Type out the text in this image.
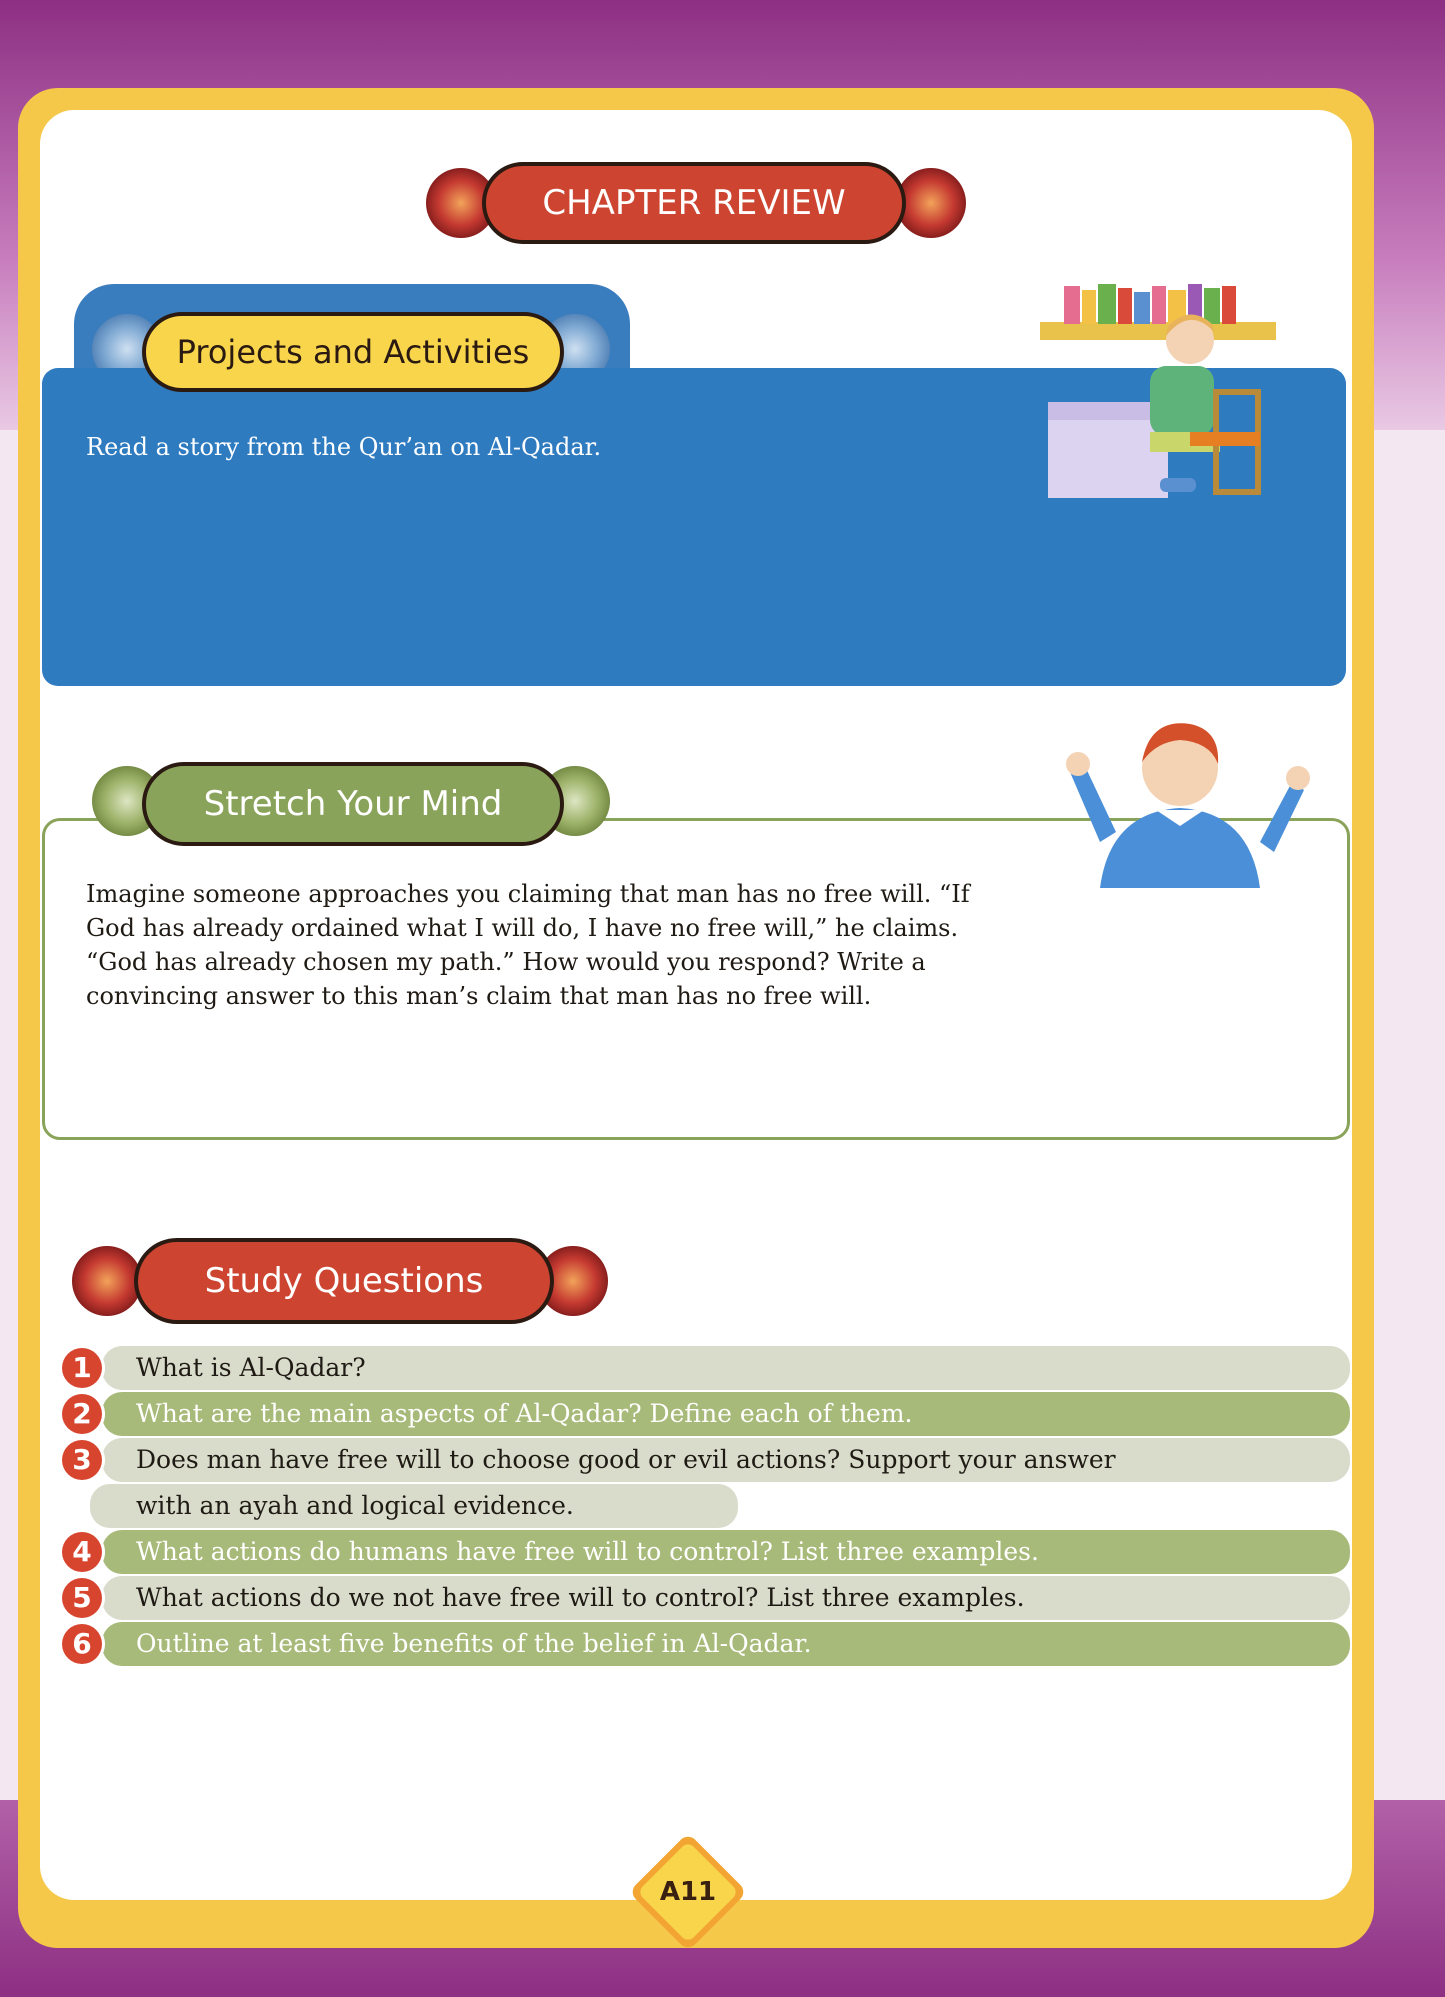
CHAPTER REVIEW
Projects and Activities
Read a story from the Qur’an on Al-Qadar.
Stretch Your Mind
Imagine someone approaches you claiming that man has no free will. “If
God has already ordained what I will do, I have no free will,” he claims.
“God has already chosen my path.” How would you respond? Write a
convincing answer to this man’s claim that man has no free will.
Study Questions
1	What is Al-Qadar?
2	What are the main aspects of Al-Qadar? Define each of them.
3	Does man have free will to choose good or evil actions? Support your answer
with an ayah and logical evidence.
4	What actions do humans have free will to control? List three examples.
5	What actions do we not have free will to control? List three examples.
6	Outline at least five benefits of the belief in Al-Qadar.
A11
